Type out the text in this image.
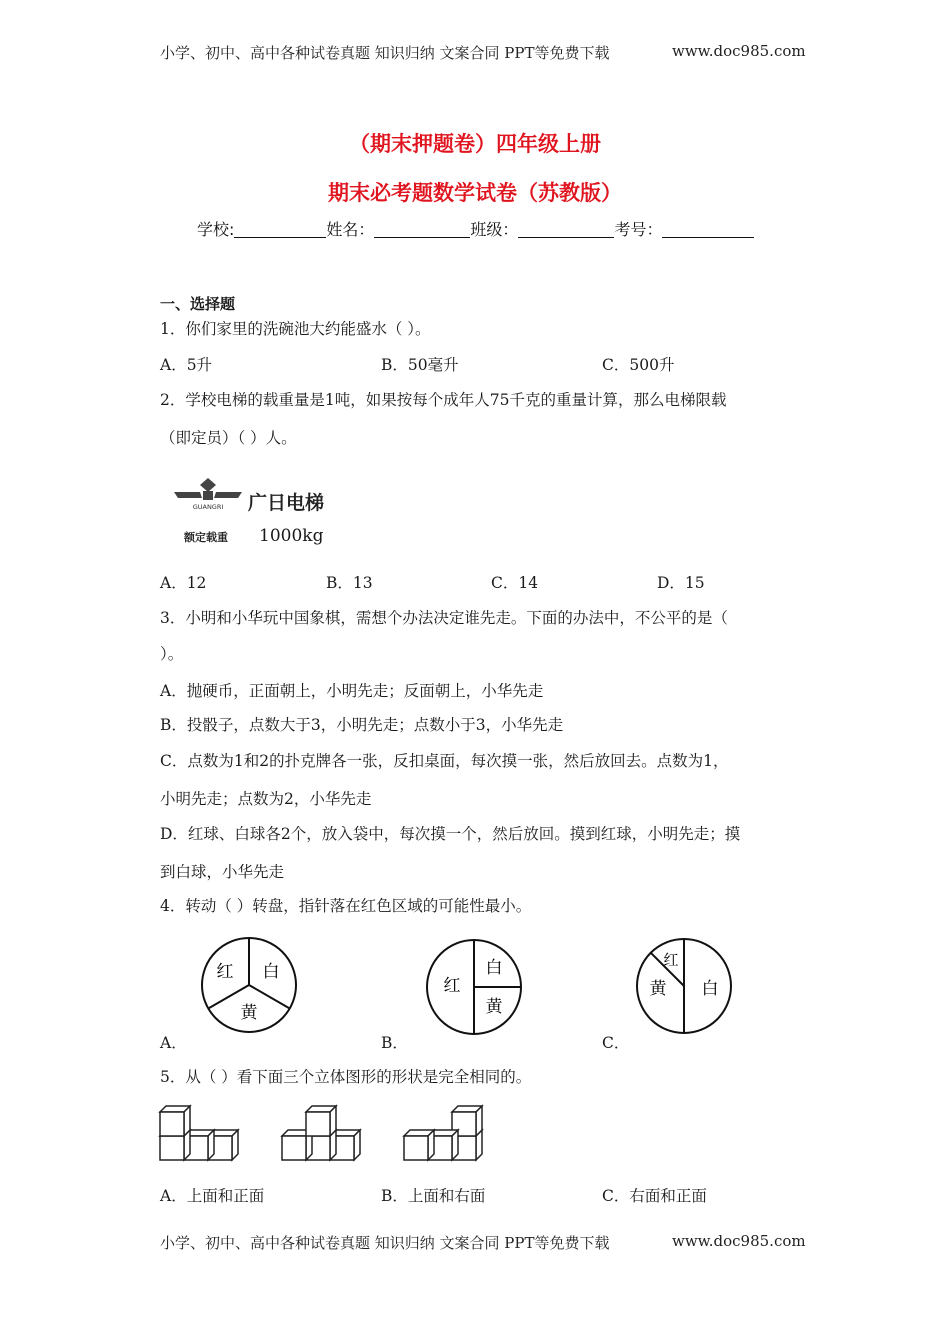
小学、初中、高中各种试卷真题 知识归纳 文案合同 PPT等免费下载	www.doc985.com
（期末押题卷）四年级上册
期末必考题数学试卷（苏教版）
学校:	姓名：	班级：	考号：
一、选择题
1．你们家里的洗碗池大约能盛水（ ）。
A．5升	B．50毫升	C．500升
2．学校电梯的载重量是1吨，如果按每个成年人75千克的重量计算，那么电梯限载
（即定员）（ ）人。
GUANGRI 广日电梯
额定载重 1000kg
A．12	B．13	C．14	D．15
3．小明和小华玩中国象棋，需想个办法决定谁先走。下面的办法中，不公平的是（
）。
A．抛硬币，正面朝上，小明先走；反面朝上，小华先走
B．投骰子，点数大于3，小明先走；点数小于3，小华先走
C．点数为1和2的扑克牌各一张，反扣桌面，每次摸一张，然后放回去。点数为1，
小明先走；点数为2，小华先走
D．红球、白球各2个，放入袋中，每次摸一个，然后放回。摸到红球，小明先走；摸
到白球，小华先走
4．转动（ ）转盘，指针落在红色区域的可能性最小。
红 白
黄
红
白
黄
红
黄 白
A．	B．	C．
5．从（ ）看下面三个立体图形的形状是完全相同的。
A．上面和正面	B．上面和右面	C．右面和正面
小学、初中、高中各种试卷真题 知识归纳 文案合同 PPT等免费下载	www.doc985.com
